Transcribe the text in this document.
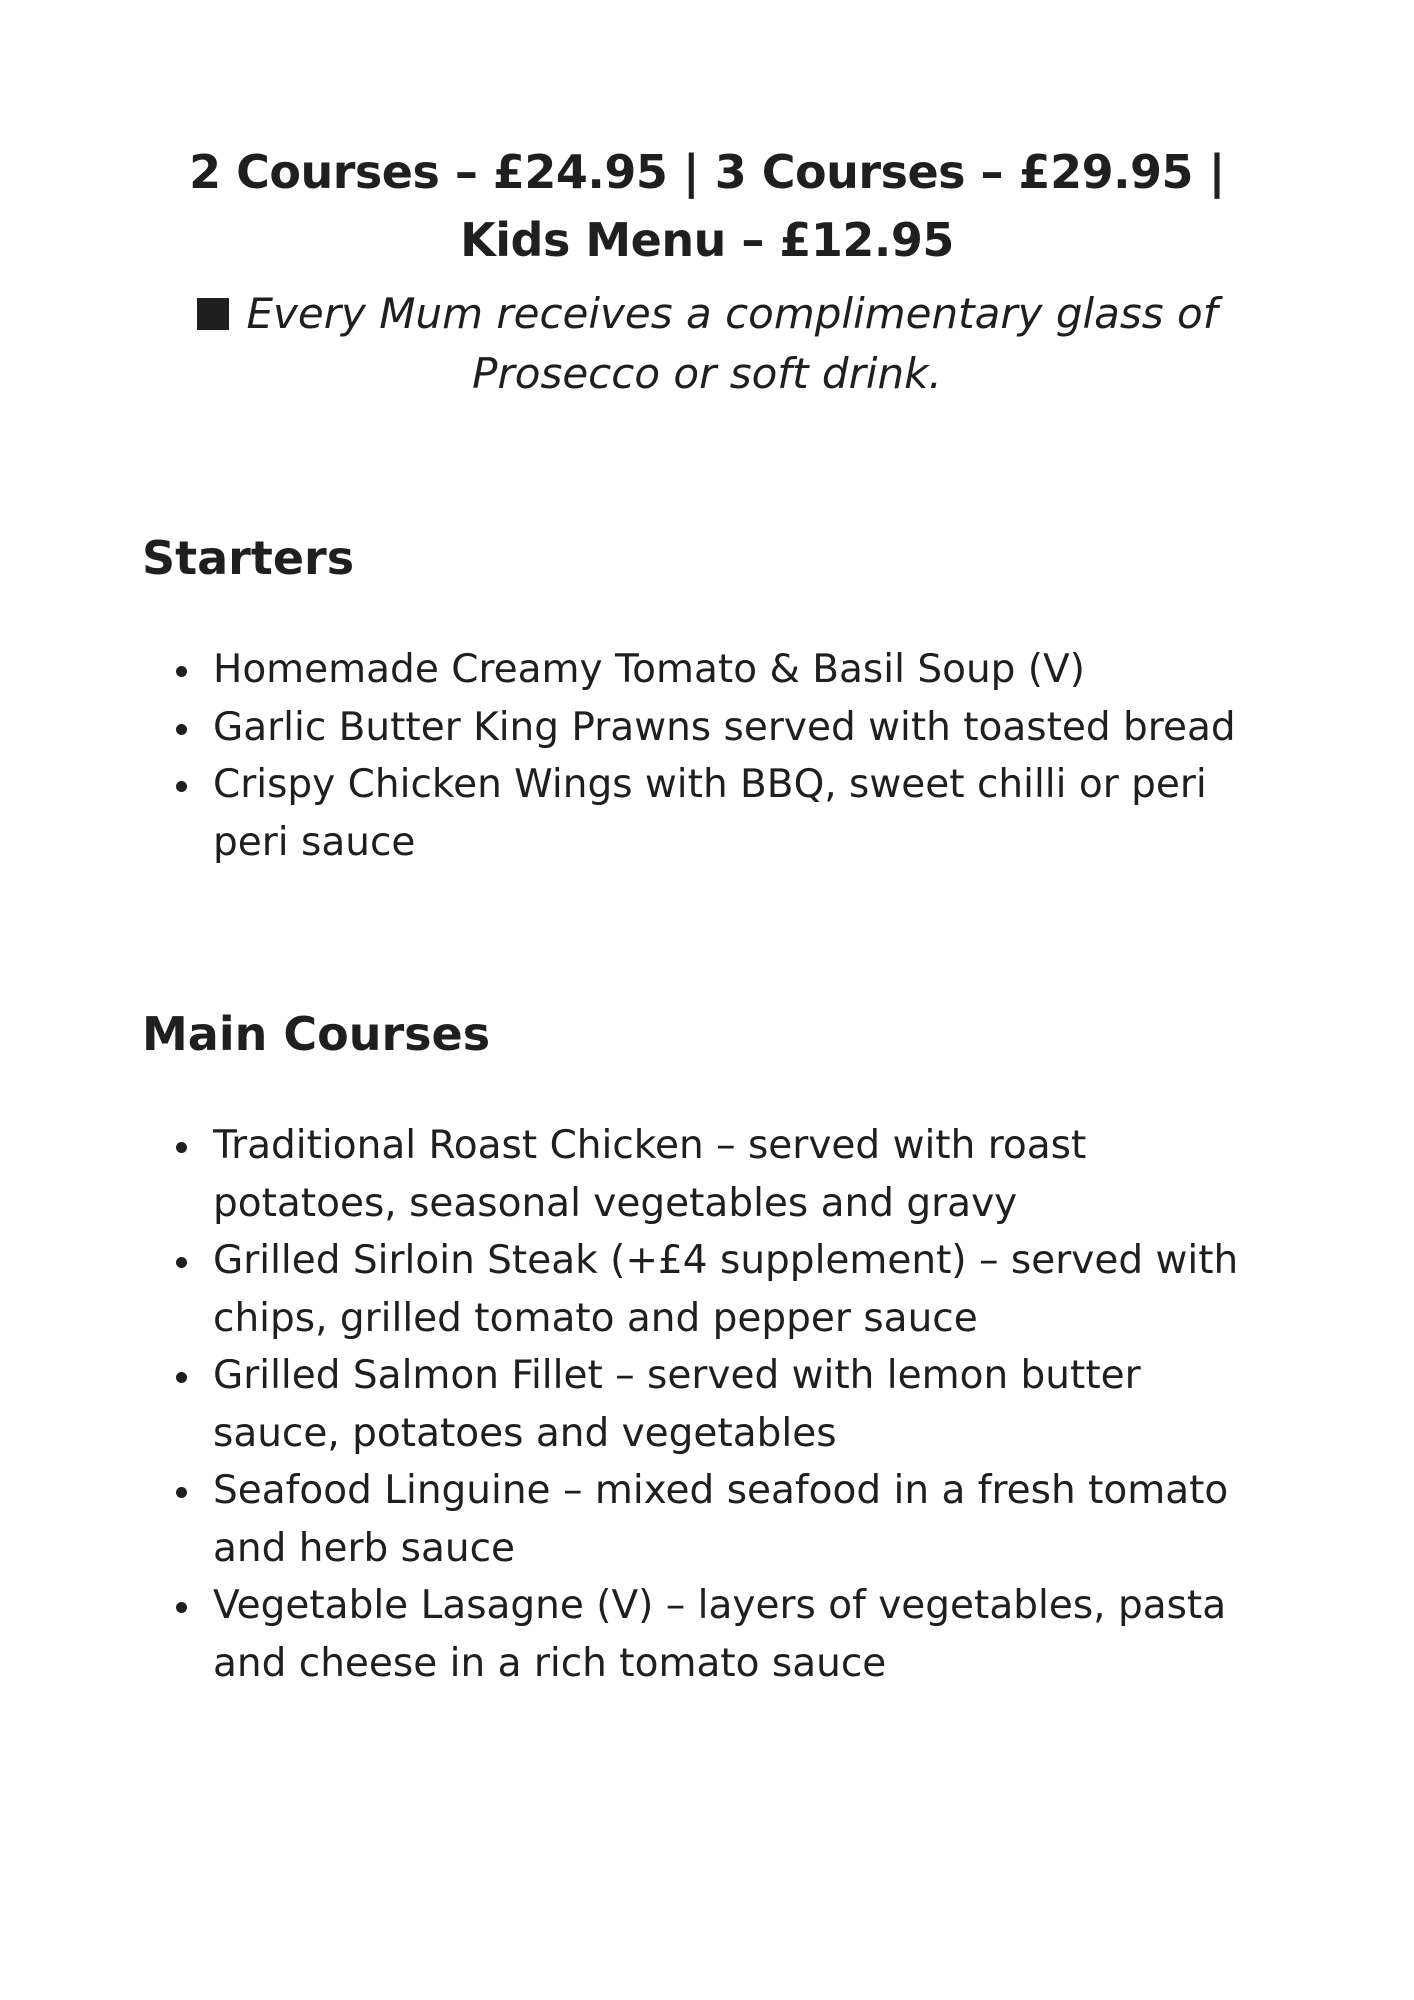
2 Courses – £24.95 | 3 Courses – £29.95 | Kids Menu – £12.95

Every Mum receives a complimentary glass of Prosecco or soft drink.

Starters
Homemade Creamy Tomato & Basil Soup (V)
Garlic Butter King Prawns served with toasted bread
Crispy Chicken Wings with BBQ, sweet chilli or peri peri sauce
Main Courses
Traditional Roast Chicken – served with roast potatoes, seasonal vegetables and gravy
Grilled Sirloin Steak (+£4 supplement) – served with chips, grilled tomato and pepper sauce
Grilled Salmon Fillet – served with lemon butter sauce, potatoes and vegetables
Seafood Linguine – mixed seafood in a fresh tomato and herb sauce
Vegetable Lasagne (V) – layers of vegetables, pasta and cheese in a rich tomato sauce
